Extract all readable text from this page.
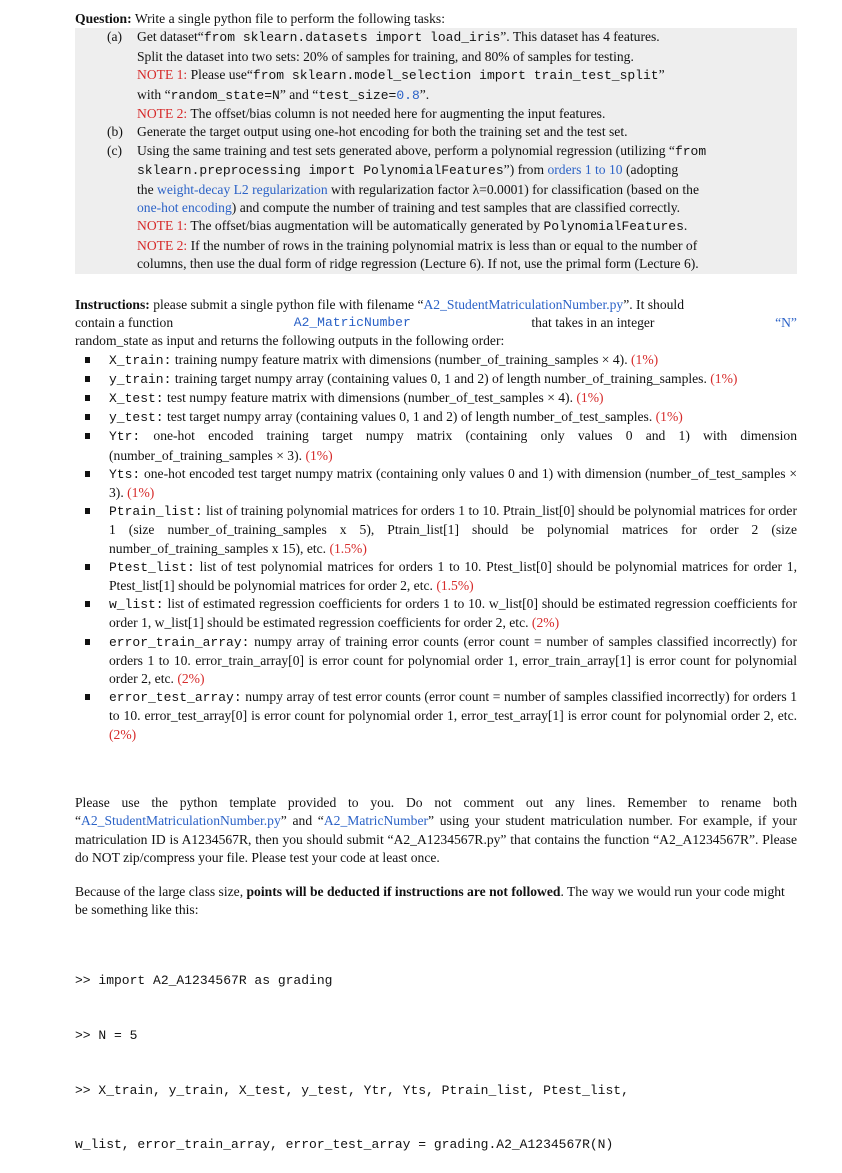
Question: Write a single python file to perform the following tasks:

(a) Get dataset“from sklearn.datasets import load_iris”. This dataset has 4 features.

Split the dataset into two sets: 20% of samples for training, and 80% of samples for testing.

NOTE 1: Please use“from sklearn.model_selection import train_test_split”

with “random_state=N” and “test_size=0.8”.

NOTE 2: The offset/bias column is not needed here for augmenting the input features.

(b) Generate the target output using one-hot encoding for both the training set and the test set.

(c) Using the same training and test sets generated above, perform a polynomial regression (utilizing “from

sklearn.preprocessing import PolynomialFeatures”) from orders 1 to 10 (adopting

the weight-decay L2 regularization with regularization factor λ=0.0001) for classification (based on the

one-hot encoding) and compute the number of training and test samples that are classified correctly.

NOTE 1: The offset/bias augmentation will be automatically generated by PolynomialFeatures.

NOTE 2: If the number of rows in the training polynomial matrix is less than or equal to the number of

columns, then use the dual form of ridge regression (Lecture 6). If not, use the primal form (Lecture 6).

Instructions: please submit a single python file with filename “A2_StudentMatriculationNumber.py”. It should

contain a function	A2_MatricNumber	that takes in an integer	“N”

random_state as input and returns the following outputs in the following order:

X_train: training numpy feature matrix with dimensions (number_of_training_samples × 4). (1%)
y_train: training target numpy array (containing values 0, 1 and 2) of length number_of_training_samples. (1%)
X_test: test numpy feature matrix with dimensions (number_of_test_samples × 4). (1%)
y_test: test target numpy array (containing values 0, 1 and 2) of length number_of_test_samples. (1%)
Ytr: one-hot encoded training target numpy matrix (containing only values 0 and 1) with dimension (number_of_training_samples × 3). (1%)
Yts: one-hot encoded test target numpy matrix (containing only values 0 and 1) with dimension (number_of_test_samples × 3). (1%)
Ptrain_list: list of training polynomial matrices for orders 1 to 10. Ptrain_list[0] should be polynomial matrices for order 1 (size number_of_training_samples x 5), Ptrain_list[1] should be polynomial matrices for order 2 (size number_of_training_samples x 15), etc. (1.5%)
Ptest_list: list of test polynomial matrices for orders 1 to 10. Ptest_list[0] should be polynomial matrices for order 1, Ptest_list[1] should be polynomial matrices for order 2, etc. (1.5%)
w_list: list of estimated regression coefficients for orders 1 to 10. w_list[0] should be estimated regression coefficients for order 1, w_list[1] should be estimated regression coefficients for order 2, etc. (2%)
error_train_array: numpy array of training error counts (error count = number of samples classified incorrectly) for orders 1 to 10. error_train_array[0] is error count for polynomial order 1, error_train_array[1] is error count for polynomial order 2, etc. (2%)
error_test_array: numpy array of test error counts (error count = number of samples classified incorrectly) for orders 1 to 10. error_test_array[0] is error count for polynomial order 1, error_test_array[1] is error count for polynomial order 2, etc. (2%)

Please use the python template provided to you. Do not comment out any lines. Remember to rename both “A2_StudentMatriculationNumber.py” and “A2_MatricNumber” using your student matriculation number. For example, if your matriculation ID is A1234567R, then you should submit “A2_A1234567R.py” that contains the function “A2_A1234567R”. Please do NOT zip/compress your file. Please test your code at least once.

Because of the large class size, points will be deducted if instructions are not followed. The way we would run your code might be something like this:

>> import A2_A1234567R as grading

>> N = 5

>> X_train, y_train, X_test, y_test, Ytr, Yts, Ptrain_list, Ptest_list,

w_list, error_train_array, error_test_array = grading.A2_A1234567R(N)
